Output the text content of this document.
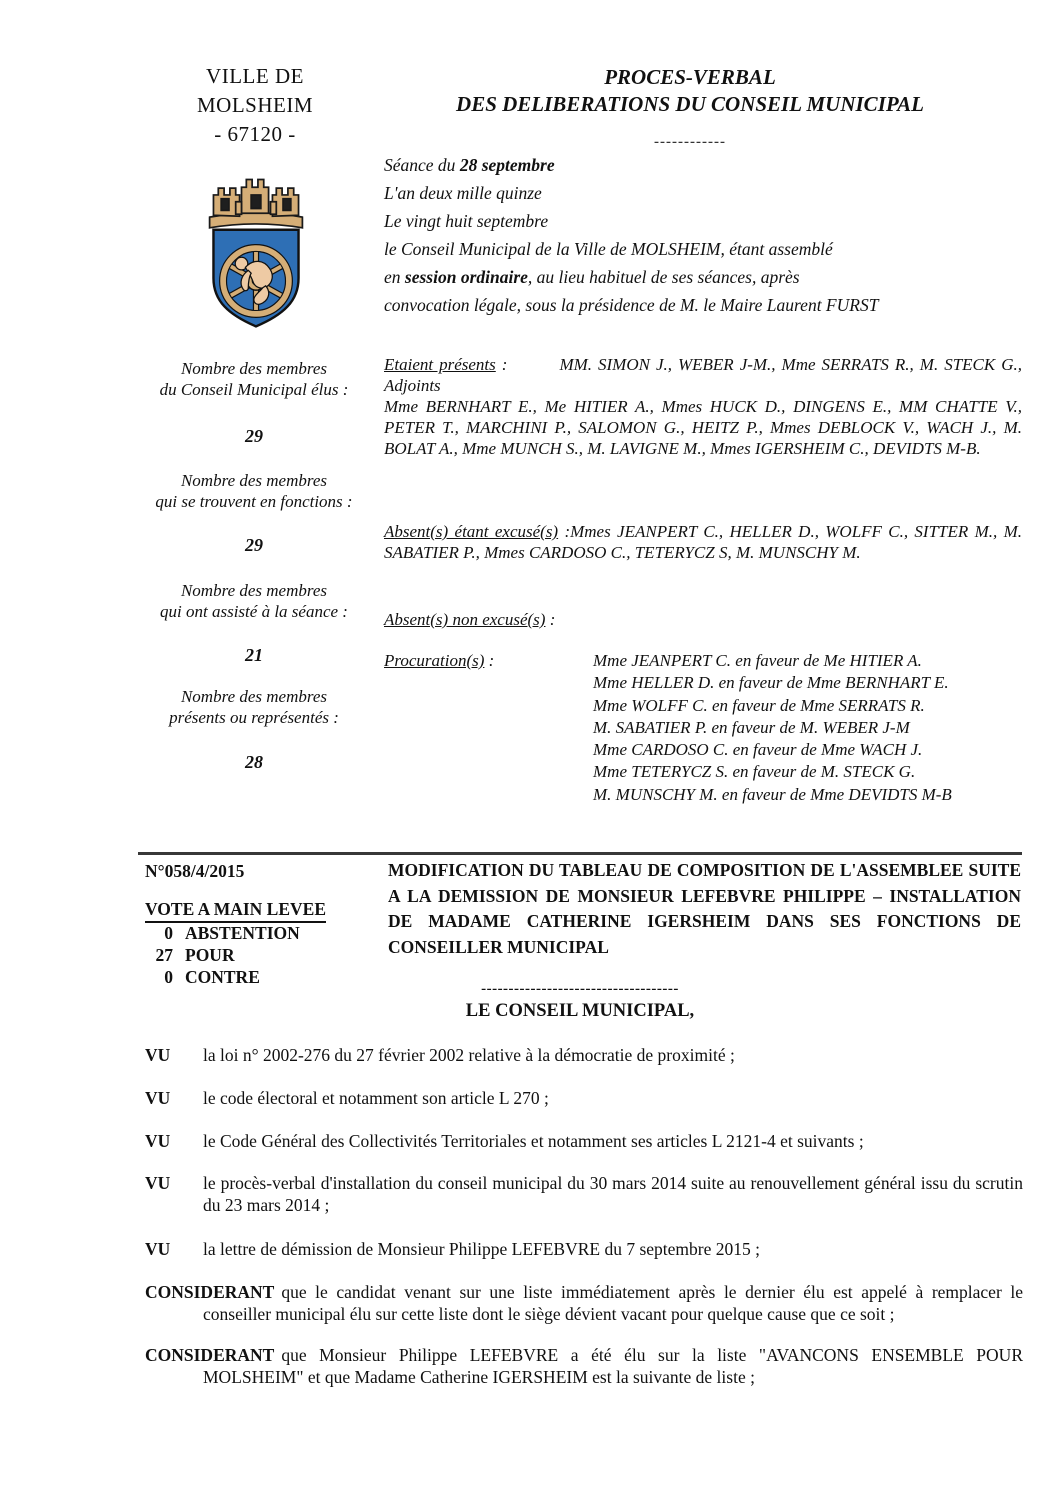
VILLE DE
MOLSHEIM
- 67120 -
PROCES-VERBAL
DES DELIBERATIONS DU CONSEIL MUNICIPAL
------------
Séance du 28 septembre
L'an deux mille quinze
Le vingt huit septembre
le Conseil Municipal de la Ville de MOLSHEIM, étant assemblé
en session ordinaire, au lieu habituel de ses séances, après
convocation légale, sous la présidence de M. le Maire Laurent FURST
Nombre des membres
du Conseil Municipal élus :
29
Nombre des membres
qui se trouvent en fonctions :
29
Nombre des membres
qui ont assisté à la séance :
21
Nombre des membres
présents ou représentés :
28
Etaient présents :	MM. SIMON J., WEBER J-M., Mme SERRATS R., M. STECK G., Adjoints
Mme BERNHART E., Me HITIER A., Mmes HUCK D., DINGENS E., MM CHATTE V., PETER T., MARCHINI P., SALOMON G., HEITZ P., Mmes DEBLOCK V., WACH J., M. BOLAT A., Mme MUNCH S., M. LAVIGNE M., Mmes IGERSHEIM C., DEVIDTS M-B.
Absent(s) étant excusé(s) :Mmes JEANPERT C., HELLER D., WOLFF C., SITTER M., M. SABATIER P., Mmes CARDOSO C., TETERYCZ S, M. MUNSCHY M.
Absent(s) non excusé(s) :
Procuration(s) :	Mme JEANPERT C. en faveur de Me HITIER A.
Mme HELLER D. en faveur de Mme BERNHART E.
Mme WOLFF C. en faveur de Mme SERRATS R.
M. SABATIER P. en faveur de M. WEBER J-M
Mme CARDOSO C. en faveur de Mme WACH J.
Mme TETERYCZ S. en faveur de M. STECK G.
M. MUNSCHY M. en faveur de Mme DEVIDTS M-B
N°058/4/2015
VOTE A MAIN LEVEE
0 ABSTENTION
27 POUR
0 CONTRE
MODIFICATION DU TABLEAU DE COMPOSITION DE L'ASSEMBLEE SUITE A LA DEMISSION DE MONSIEUR LEFEBVRE PHILIPPE – INSTALLATION DE MADAME CATHERINE IGERSHEIM DANS SES FONCTIONS DE CONSEILLER MUNICIPAL
------------------------------------
LE CONSEIL MUNICIPAL,
VU la loi n° 2002-276 du 27 février 2002 relative à la démocratie de proximité ;
VU le code électoral et notamment son article L 270 ;
VU le Code Général des Collectivités Territoriales et notamment ses articles L 2121-4 et suivants ;
VU le procès-verbal d'installation du conseil municipal du 30 mars 2014 suite au renouvellement général issu du scrutin du 23 mars 2014 ;
VU la lettre de démission de Monsieur Philippe LEFEBVRE du 7 septembre 2015 ;
CONSIDERANT que le candidat venant sur une liste immédiatement après le dernier élu est appelé à remplacer le conseiller municipal élu sur cette liste dont le siège dévient vacant pour quelque cause que ce soit ;
CONSIDERANT que Monsieur Philippe LEFEBVRE a été élu sur la liste "AVANCONS ENSEMBLE POUR MOLSHEIM" et que Madame Catherine IGERSHEIM est la suivante de liste ;
